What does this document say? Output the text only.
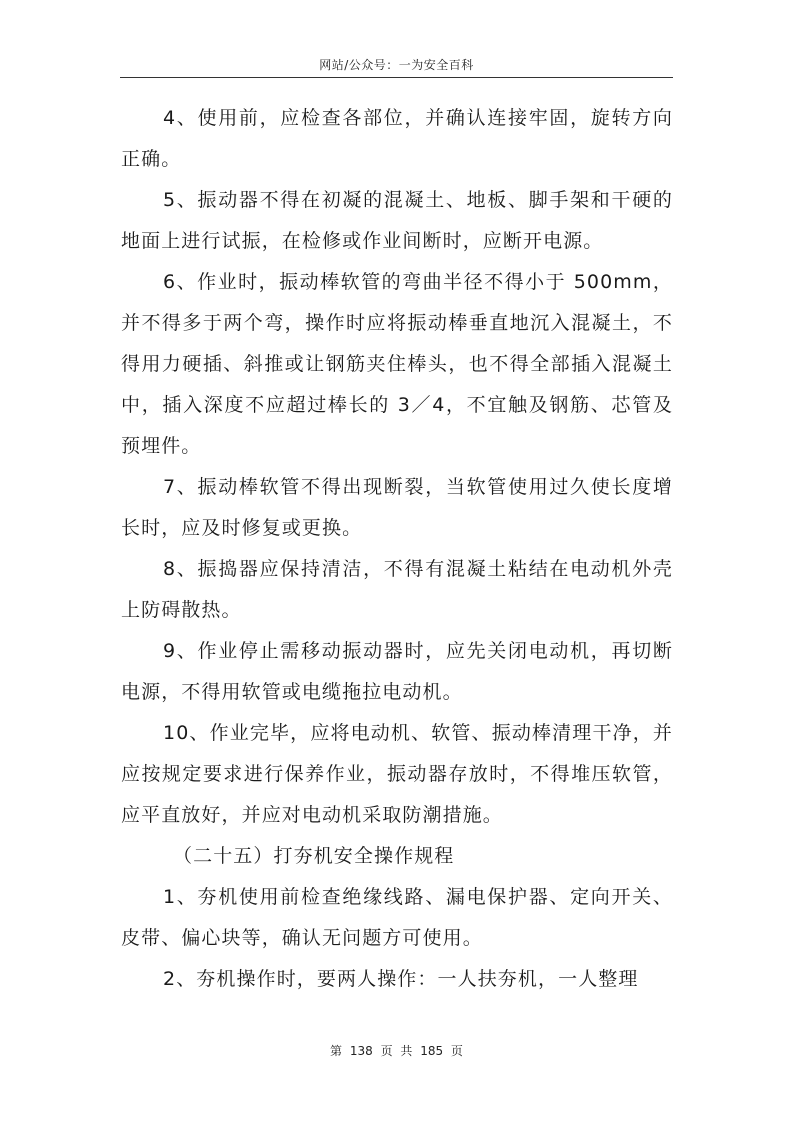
网站/公众号：一为安全百科

4、使用前，应检查各部位，并确认连接牢固，旋转方向正确。

5、振动器不得在初凝的混凝土、地板、脚手架和干硬的地面上进行试振，在检修或作业间断时，应断开电源。

6、作业时，振动棒软管的弯曲半径不得小于 500mm，并不得多于两个弯，操作时应将振动棒垂直地沉入混凝土，不得用力硬插、斜推或让钢筋夹住棒头，也不得全部插入混凝土中，插入深度不应超过棒长的 3／4，不宜触及钢筋、芯管及预埋件。

7、振动棒软管不得出现断裂，当软管使用过久使长度增长时，应及时修复或更换。

8、振捣器应保持清洁，不得有混凝土粘结在电动机外壳上防碍散热。

9、作业停止需移动振动器时，应先关闭电动机，再切断电源，不得用软管或电缆拖拉电动机。

10、作业完毕，应将电动机、软管、振动棒清理干净，并应按规定要求进行保养作业，振动器存放时，不得堆压软管，应平直放好，并应对电动机采取防潮措施。

（二十五）打夯机安全操作规程

1、夯机使用前检查绝缘线路、漏电保护器、定向开关、皮带、偏心块等，确认无问题方可使用。

2、夯机操作时，要两人操作：一人扶夯机，一人整理

第 138 页 共 185 页
